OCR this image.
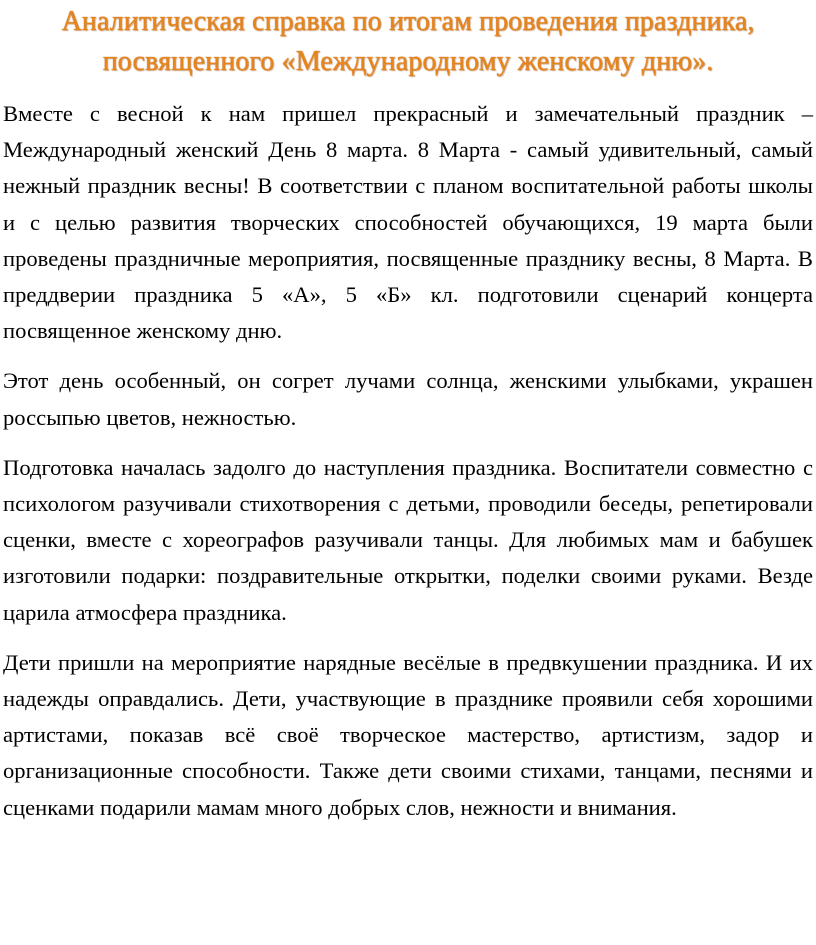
Аналитическая справка по итогам проведения праздника,
посвященного «Международному женскому дню».

Вместе с весной к нам пришел прекрасный и замечательный праздник – Международный женский День 8 марта. 8 Марта - самый удивительный, самый нежный праздник весны! В соответствии с планом воспитательной работы школы и с целью развития творческих способностей обучающихся, 19 марта были проведены праздничные мероприятия, посвященные празднику весны, 8 Марта. В преддверии праздника 5 «А», 5 «Б» кл. подготовили сценарий концерта посвященное женскому дню.

Этот день особенный, он согрет лучами солнца, женскими улыбками, украшен россыпью цветов, нежностью.

Подготовка началась задолго до наступления праздника. Воспитатели совместно с психологом разучивали стихотворения с детьми, проводили беседы, репетировали сценки, вместе с хореографов разучивали танцы. Для любимых мам и бабушек изготовили подарки: поздравительные открытки, поделки своими руками. Везде царила атмосфера праздника.

Дети пришли на мероприятие нарядные весёлые в предвкушении праздника. И их надежды оправдались. Дети, участвующие в празднике проявили себя хорошими артистами, показав всё своё творческое мастерство, артистизм, задор и организационные способности. Также дети своими стихами, танцами, песнями и сценками подарили мамам много добрых слов, нежности и внимания.
